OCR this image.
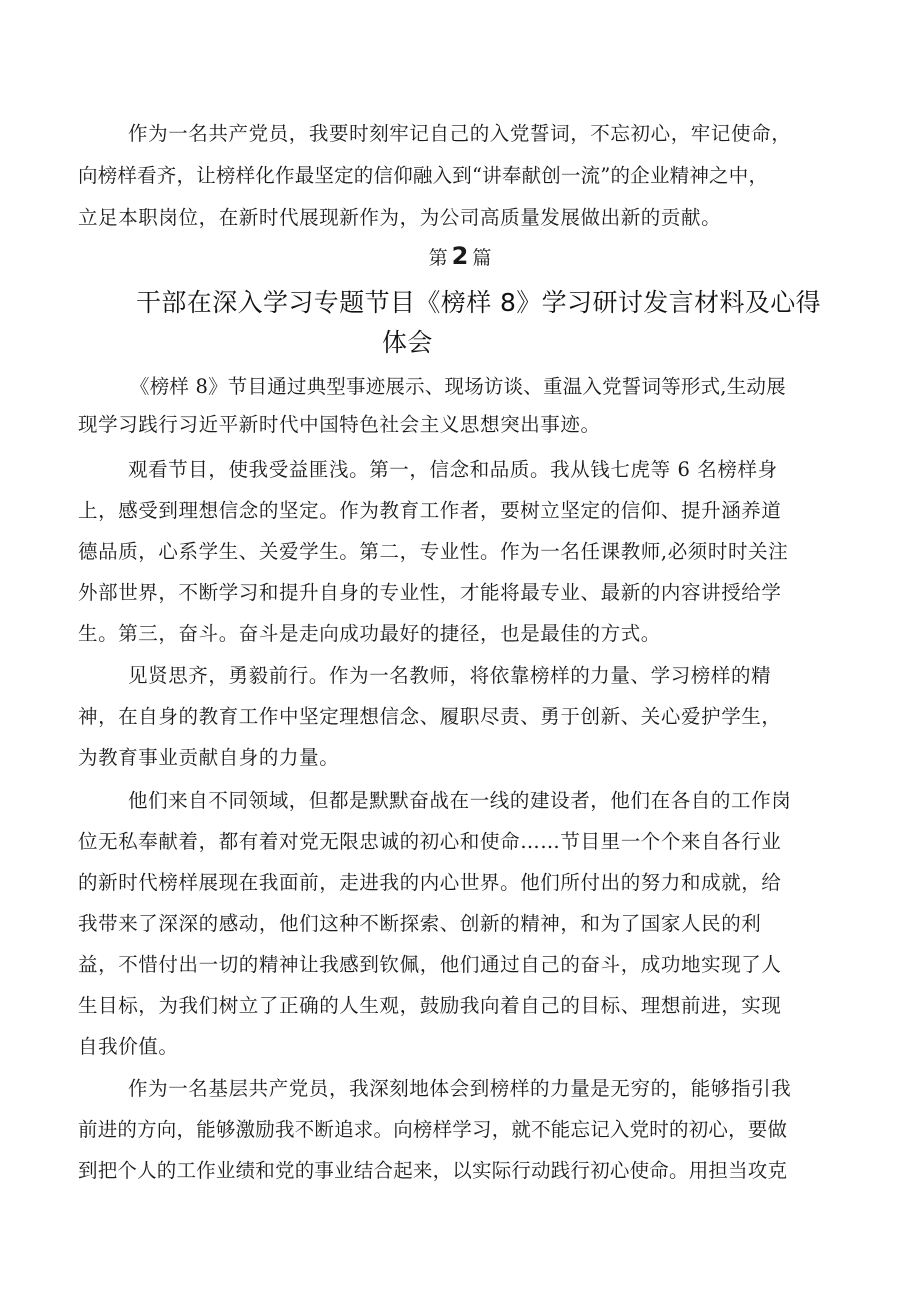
作为一名共产党员，我要时刻牢记自己的入党誓词，不忘初心，牢记使命，
向榜样看齐，让榜样化作最坚定的信仰融入到“讲奉献创一流”的企业精神之中，
立足本职岗位，在新时代展现新作为，为公司高质量发展做出新的贡献。
第 2 篇
干部在深入学习专题节目《榜样 8》学习研讨发言材料及心得
体会
《榜样 8》节目通过典型事迹展示、现场访谈、重温入党誓词等形式,生动展
现学习践行习近平新时代中国特色社会主义思想突出事迹。
观看节目，使我受益匪浅。第一，信念和品质。我从钱七虎等 6 名榜样身
上，感受到理想信念的坚定。作为教育工作者，要树立坚定的信仰、提升涵养道
德品质，心系学生、关爱学生。第二，专业性。作为一名任课教师,必须时时关注
外部世界，不断学习和提升自身的专业性，才能将最专业、最新的内容讲授给学
生。第三，奋斗。奋斗是走向成功最好的捷径，也是最佳的方式。
见贤思齐，勇毅前行。作为一名教师，将依靠榜样的力量、学习榜样的精
神，在自身的教育工作中坚定理想信念、履职尽责、勇于创新、关心爱护学生，
为教育事业贡献自身的力量。
他们来自不同领域，但都是默默奋战在一线的建设者，他们在各自的工作岗
位无私奉献着，都有着对党无限忠诚的初心和使命……节目里一个个来自各行业
的新时代榜样展现在我面前，走进我的内心世界。他们所付出的努力和成就，给
我带来了深深的感动，他们这种不断探索、创新的精神，和为了国家人民的利
益，不惜付出一切的精神让我感到钦佩，他们通过自己的奋斗，成功地实现了人
生目标，为我们树立了正确的人生观，鼓励我向着自己的目标、理想前进，实现
自我价值。
作为一名基层共产党员，我深刻地体会到榜样的力量是无穷的，能够指引我
前进的方向，能够激励我不断追求。向榜样学习，就不能忘记入党时的初心，要做
到把个人的工作业绩和党的事业结合起来，以实际行动践行初心使命。用担当攻克
